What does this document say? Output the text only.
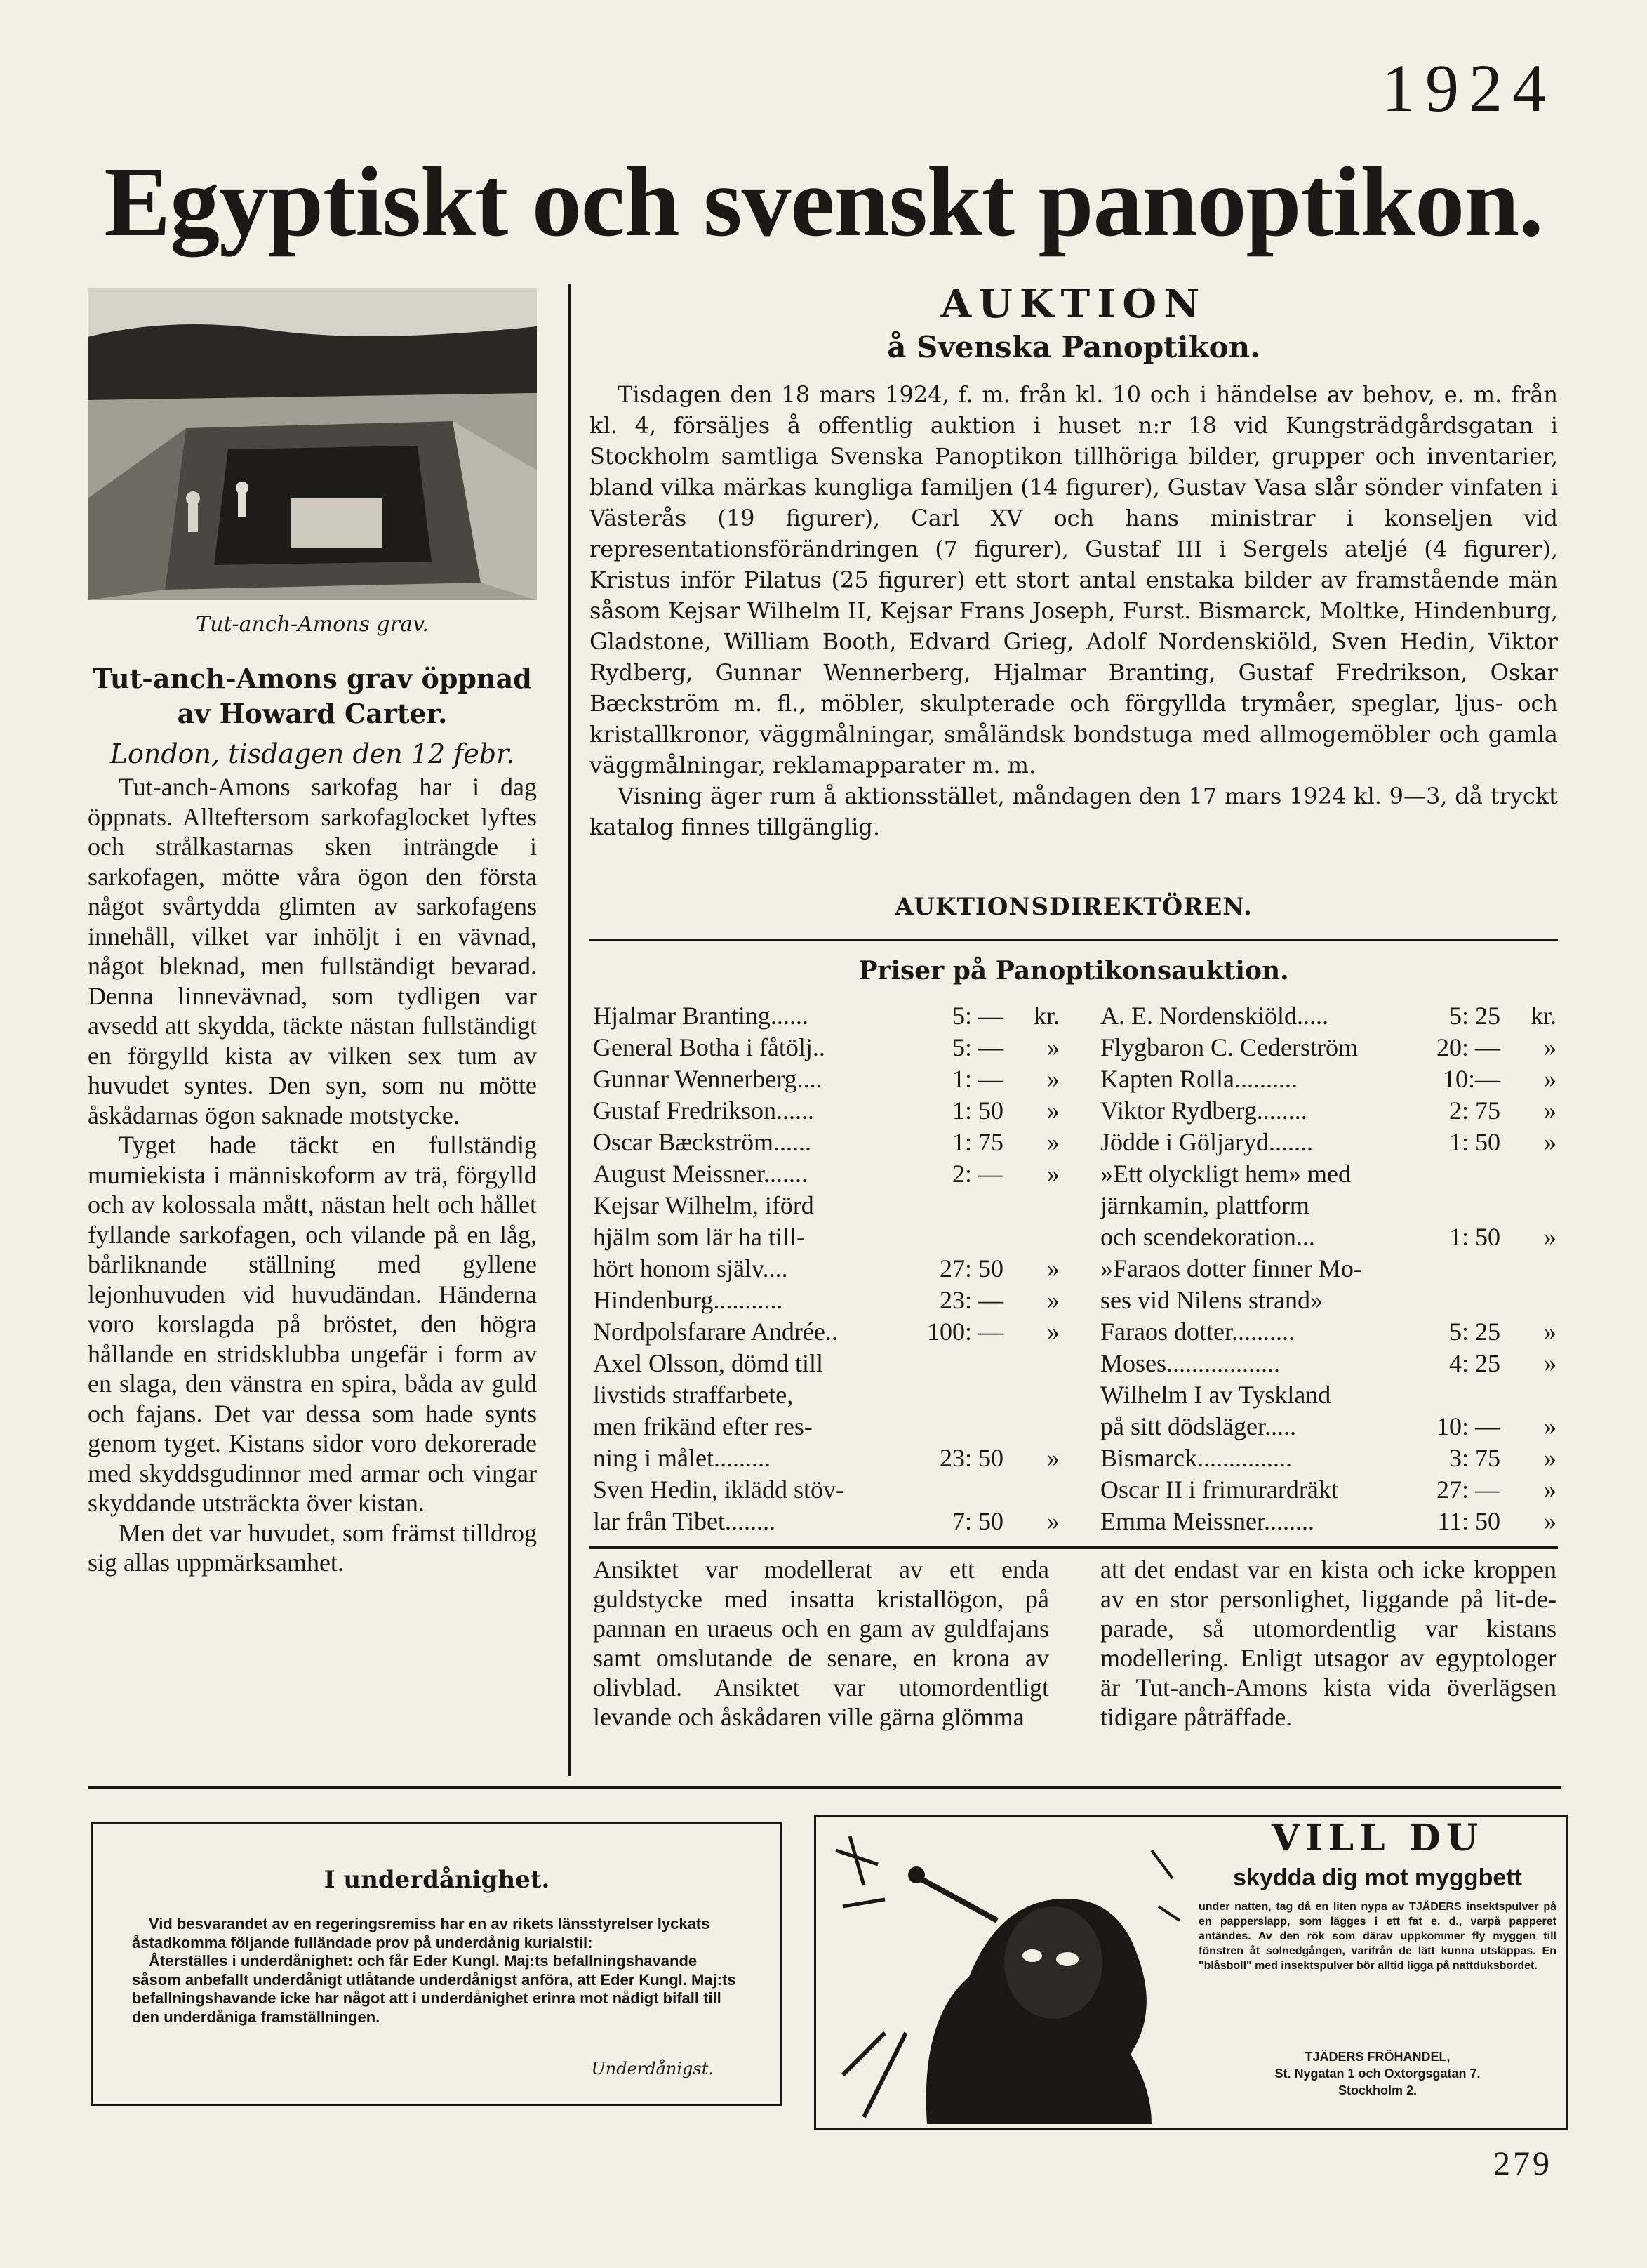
1924
Egyptiskt och svenskt panoptikon.
Tut-anch-Amons grav.
Tut-anch-Amons grav öppnad
av Howard Carter.
London, tisdagen den 12 febr.

Tut-anch-Amons sarkofag har i dag öppnats. Allteftersom sarkofaglocket lyftes och strålkastarnas sken inträngde i sarkofagen, mötte våra ögon den första något svårtydda glimten av sarkofagens innehåll, vilket var inhöljt i en vävnad, något bleknad, men fullständigt bevarad. Denna linnevävnad, som tydligen var avsedd att skydda, täckte nästan fullständigt en förgylld kista av vilken sex tum av huvudet syntes. Den syn, som nu mötte åskådarnas ögon saknade motstycke.

Tyget hade täckt en fullständig mumiekista i människoform av trä, förgylld och av kolossala mått, nästan helt och hållet fyllande sarkofagen, och vilande på en låg, bårliknande ställning med gyllene lejonhuvuden vid huvudändan. Händerna voro korslagda på bröstet, den högra hållande en stridsklubba ungefär i form av en slaga, den vänstra en spira, båda av guld och fajans. Det var dessa som hade synts genom tyget. Kistans sidor voro dekorerade med skyddsgudinnor med armar och vingar skyddande utsträckta över kistan.

Men det var huvudet, som främst tilldrog sig allas uppmärksamhet.

AUKTION
å Svenska Panoptikon.

Tisdagen den 18 mars 1924, f. m. från kl. 10 och i händelse av behov, e. m. från kl. 4, försäljes å offentlig auktion i huset n:r 18 vid Kungsträdgårdsgatan i Stockholm samtliga Svenska Panoptikon tillhöriga bilder, grupper och inventarier, bland vilka märkas kungliga familjen (14 figurer), Gustav Vasa slår sönder vinfaten i Västerås (19 figurer), Carl XV och hans ministrar i konseljen vid representationsförändringen (7 figurer), Gustaf III i Sergels ateljé (4 figurer), Kristus inför Pilatus (25 figurer) ett stort antal enstaka bilder av framstående män såsom Kejsar Wilhelm II, Kejsar Frans Joseph, Furst. Bismarck, Moltke, Hindenburg, Gladstone, William Booth, Edvard Grieg, Adolf Nordenskiöld, Sven Hedin, Viktor Rydberg, Gunnar Wennerberg, Hjalmar Branting, Gustaf Fredrikson, Oskar Bæckström m. fl., möbler, skulpterade och förgyllda trymåer, speglar, ljus- och kristallkronor, väggmålningar, småländsk bondstuga med allmogemöbler och gamla väggmålningar, reklamapparater m. m.

Visning äger rum å aktionsstället, måndagen den 17 mars 1924 kl. 9—3, då tryckt katalog finnes tillgänglig.

AUKTIONSDIREKTÖREN.
Priser på Panoptikonsauktion.
Hjalmar Branting......	5: —	kr.
General Botha i fåtölj..	5: —	»
Gunnar Wennerberg....	1: —	»
Gustaf Fredrikson......	1: 50	»
Oscar Bæckström......	1: 75	»
August Meissner.......	2: —	»
Kejsar Wilhelm, iförd
hjälm som lär ha till-
hört honom själv....	27: 50	»
Hindenburg...........	23: —	»
Nordpolsfarare Andrée..	100: —	»
Axel Olsson, dömd till
livstids straffarbete,
men frikänd efter res-
ning i målet.........	23: 50	»
Sven Hedin, iklädd stöv-
lar från Tibet........	7: 50	»
A. E. Nordenskiöld.....	5: 25	kr.
Flygbaron C. Cederström	20: —	»
Kapten Rolla..........	10:—	»
Viktor Rydberg........	2: 75	»
Jödde i Göljaryd.......	1: 50	»
»Ett olyckligt hem» med
järnkamin, plattform
och scendekoration...	1: 50	»
»Faraos dotter finner Mo-
ses vid Nilens strand»
Faraos dotter..........	5: 25	»
Moses..................	4: 25	»
Wilhelm I av Tyskland
på sitt dödsläger.....	10: —	»
Bismarck...............	3: 75	»
Oscar II i frimurardräkt	27: —	»
Emma Meissner........	11: 50	»
Ansiktet var modellerat av ett enda guldstycke med insatta kristallögon, på pannan en uraeus och en gam av guldfajans samt omslutande de senare, en krona av olivblad. Ansiktet var utomordentligt levande och åskådaren ville gärna glömma
att det endast var en kista och icke kroppen av en stor personlighet, liggande på lit-de-parade, så utomordentlig var kistans modellering. Enligt utsagor av egyptologer är Tut-anch-Amons kista vida överlägsen tidigare påträffade.
I underdånighet.

Vid besvarandet av en regeringsremiss har en av rikets länsstyrelser lyckats åstadkomma följande fulländade prov på underdånig kurialstil:

Återställes i underdånighet: och får Eder Kungl. Maj:ts befallningshavande såsom anbefallt underdånigt utlåtande underdånigst anföra, att Eder Kungl. Maj:ts befallningshavande icke har något att i underdånighet erinra mot nådigt bifall till den underdåniga framställningen.

Underdånigst.
VILL DU
skydda dig mot myggbett
under natten, tag då en liten nypa av TJÄDERS insektspulver på en papperslapp, som lägges i ett fat e. d., varpå papperet antändes. Av den rök som därav uppkommer fly myggen till fönstren åt solnedgången, varifrån de lätt kunna utsläppas. En "blåsboll" med insektspulver bör alltid ligga på nattduksbordet.
TJÄDERS FRÖHANDEL,
St. Nygatan 1 och Oxtorgsgatan 7.
Stockholm 2.
279
